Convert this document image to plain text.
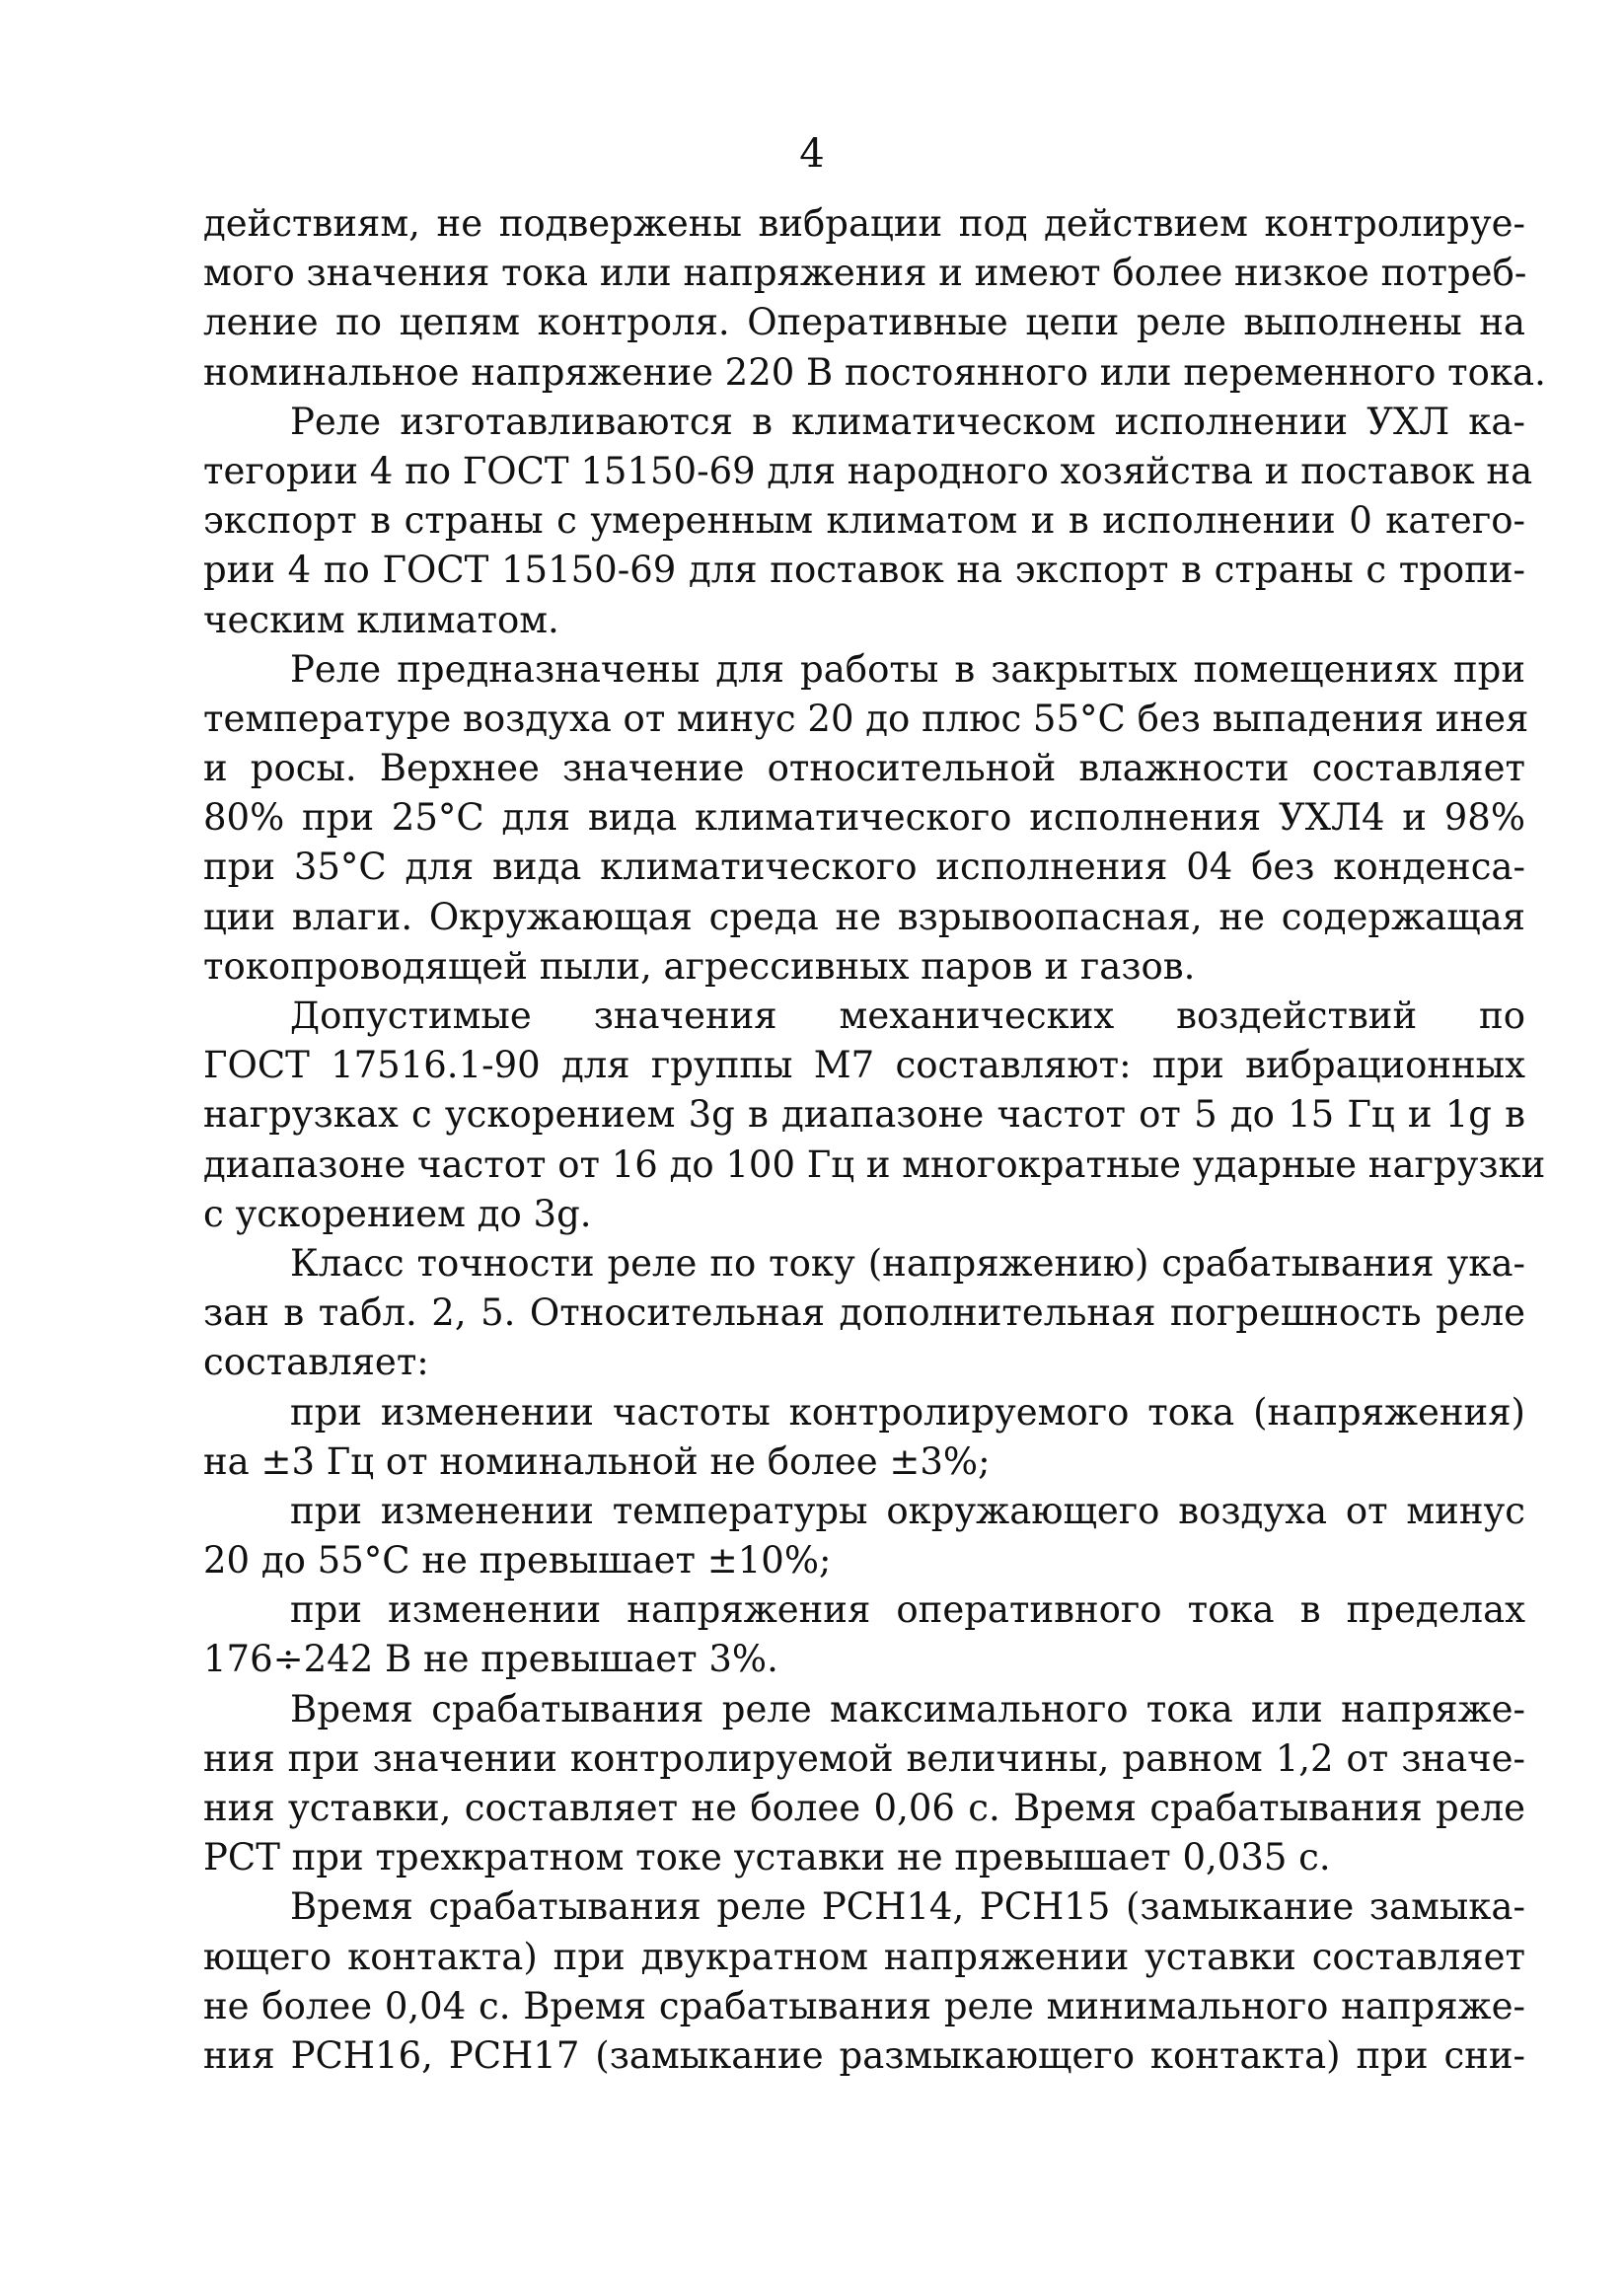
4
действиям, не подвержены вибрации под действием контролируе-
мого значения тока или напряжения и имеют более низкое потреб-
ление по цепям контроля. Оперативные цепи реле выполнены на
номинальное напряжение 220 В постоянного или переменного тока.
Реле изготавливаются в климатическом исполнении УХЛ ка-
тегории 4 по ГОСТ 15150-69 для народного хозяйства и поставок на
экспорт в страны с умеренным климатом и в исполнении 0 катего-
рии 4 по ГОСТ 15150-69 для поставок на экспорт в страны с тропи-
ческим климатом.
Реле предназначены для работы в закрытых помещениях при
температуре воздуха от минус 20 до плюс 55°С без выпадения инея
и росы. Верхнее значение относительной влажности составляет
80% при 25°С для вида климатического исполнения УХЛ4 и 98%
при 35°С для вида климатического исполнения 04 без конденса-
ции влаги. Окружающая среда не взрывоопасная, не содержащая
токопроводящей пыли, агрессивных паров и газов.
Допустимые значения механических воздействий по
ГОСТ 17516.1-90 для группы М7 составляют: при вибрационных
нагрузках с ускорением 3g в диапазоне частот от 5 до 15 Гц и 1g в
диапазоне частот от 16 до 100 Гц и многократные ударные нагрузки
с ускорением до 3g.
Класс точности реле по току (напряжению) срабатывания ука-
зан в табл. 2, 5. Относительная дополнительная погрешность реле
составляет:
при изменении частоты контролируемого тока (напряжения)
на ±3 Гц от номинальной не более ±3%;
при изменении температуры окружающего воздуха от минус
20 до 55°С не превышает ±10%;
при изменении напряжения оперативного тока в пределах
176÷242 В не превышает 3%.
Время срабатывания реле максимального тока или напряже-
ния при значении контролируемой величины, равном 1,2 от значе-
ния уставки, составляет не более 0,06 с. Время срабатывания реле
РСТ при трехкратном токе уставки не превышает 0,035 с.
Время срабатывания реле РСН14, РСН15 (замыкание замыка-
ющего контакта) при двукратном напряжении уставки составляет
не более 0,04 с. Время срабатывания реле минимального напряже-
ния РСН16, РСН17 (замыкание размыкающего контакта) при сни-
